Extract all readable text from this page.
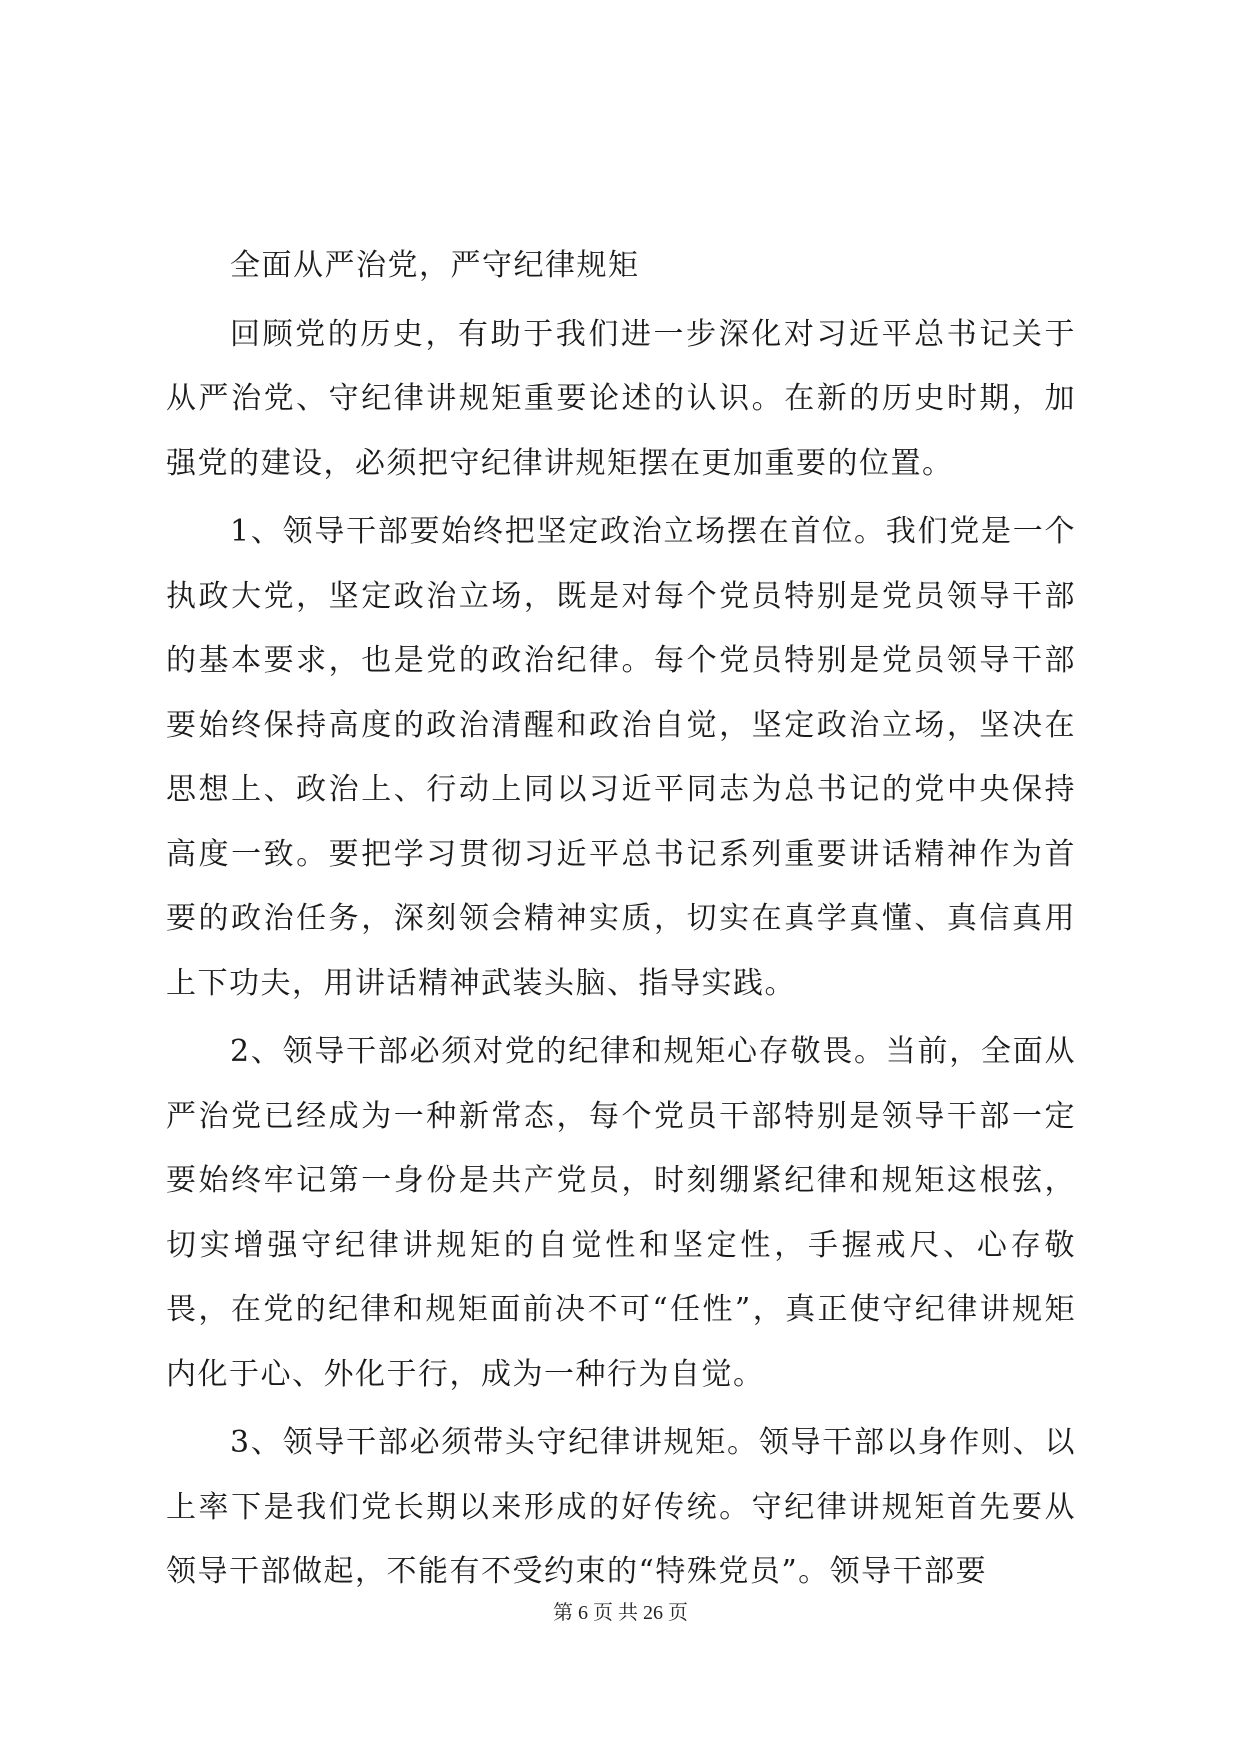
全面从严治党，严守纪律规矩

回顾党的历史，有助于我们进一步深化对习近平总书记关于从严治党、守纪律讲规矩重要论述的认识。在新的历史时期，加强党的建设，必须把守纪律讲规矩摆在更加重要的位置。

1、领导干部要始终把坚定政治立场摆在首位。我们党是一个执政大党，坚定政治立场，既是对每个党员特别是党员领导干部的基本要求，也是党的政治纪律。每个党员特别是党员领导干部要始终保持高度的政治清醒和政治自觉，坚定政治立场，坚决在思想上、政治上、行动上同以习近平同志为总书记的党中央保持高度一致。要把学习贯彻习近平总书记系列重要讲话精神作为首要的政治任务，深刻领会精神实质，切实在真学真懂、真信真用上下功夫，用讲话精神武装头脑、指导实践。

2、领导干部必须对党的纪律和规矩心存敬畏。当前，全面从严治党已经成为一种新常态，每个党员干部特别是领导干部一定要始终牢记第一身份是共产党员，时刻绷紧纪律和规矩这根弦，切实增强守纪律讲规矩的自觉性和坚定性，手握戒尺、心存敬畏，在党的纪律和规矩面前决不可“任性”，真正使守纪律讲规矩内化于心、外化于行，成为一种行为自觉。

3、领导干部必须带头守纪律讲规矩。领导干部以身作则、以上率下是我们党长期以来形成的好传统。守纪律讲规矩首先要从领导干部做起，不能有不受约束的“特殊党员”。领导干部要

第 6 页 共 26 页
